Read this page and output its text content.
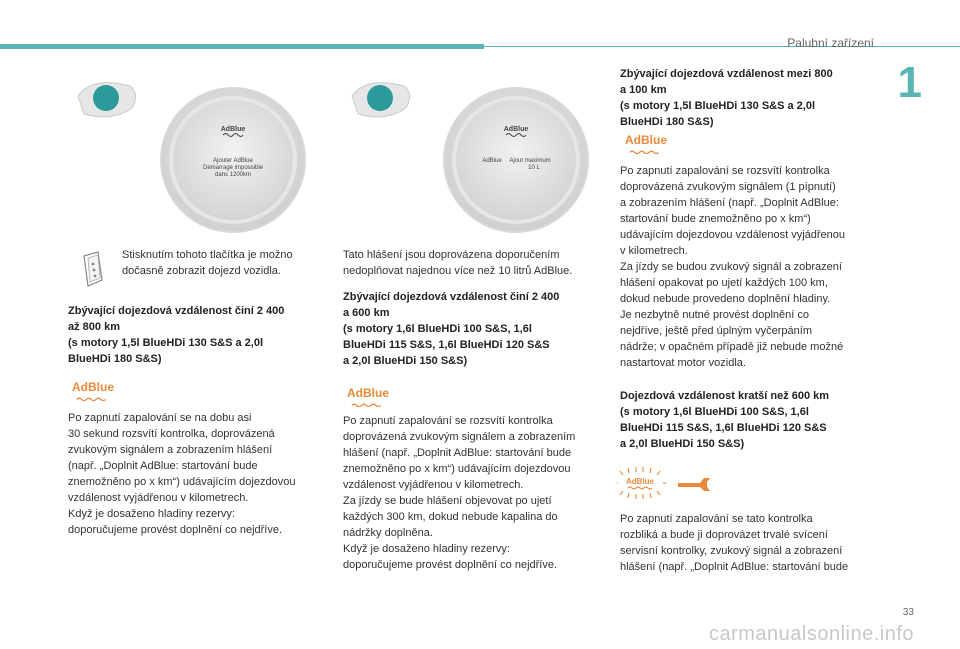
Palubní zařízení
1
AdBlue
Ajouter AdBlue
Demarrage impossible
dans 1200km
AdBlue
AdBlue Ajout maximum
10 L
Stisknutím tohoto tlačítka je možno
dočasně zobrazit dojezd vozidla.
Zbývající dojezdová vzdálenost činí 2 400
až 800 km
(s motory 1,5l BlueHDi 130 S&S a 2,0l
BlueHDi 180 S&S)
AdBlue
Po zapnutí zapalování se na dobu asi
30 sekund rozsvítí kontrolka, doprovázená
zvukovým signálem a zobrazením hlášení
(např. „Doplnit AdBlue: startování bude
znemožněno po x km“) udávajícím dojezdovou
vzdálenost vyjádřenou v kilometrech.
Když je dosaženo hladiny rezervy:
doporučujeme provést doplnění co nejdříve.
Tato hlášení jsou doprovázena doporučením
nedoplňovat najednou více než 10 litrů AdBlue.
Zbývající dojezdová vzdálenost činí 2 400
a 600 km
(s motory 1,6l BlueHDi 100 S&S, 1,6l
BlueHDi 115 S&S, 1,6l BlueHDi 120 S&S
a 2,0l BlueHDi 150 S&S)
AdBlue
Po zapnutí zapalování se rozsvítí kontrolka
doprovázená zvukovým signálem a zobrazením
hlášení (např. „Doplnit AdBlue: startování bude
znemožněno po x km“) udávajícím dojezdovou
vzdálenost vyjádřenou v kilometrech.
Za jízdy se bude hlášení objevovat po ujetí
každých 300 km, dokud nebude kapalina do
nádržky doplněna.
Když je dosaženo hladiny rezervy:
doporučujeme provést doplnění co nejdříve.
Zbývající dojezdová vzdálenost mezi 800
a 100 km
(s motory 1,5l BlueHDi 130 S&S a 2,0l
BlueHDi 180 S&S)
AdBlue
Po zapnutí zapalování se rozsvítí kontrolka
doprovázená zvukovým signálem (1 pípnutí)
a zobrazením hlášení (např. „Doplnit AdBlue:
startování bude znemožněno po x km“)
udávajícím dojezdovou vzdálenost vyjádřenou
v kilometrech.
Za jízdy se budou zvukový signál a zobrazení
hlášení opakovat po ujetí každých 100 km,
dokud nebude provedeno doplnění hladiny.
Je nezbytně nutné provést doplnění co
nejdříve, ještě před úplným vyčerpáním
nádrže; v opačném případě již nebude možné
nastartovat motor vozidla.
Dojezdová vzdálenost kratší než 600 km
(s motory 1,6l BlueHDi 100 S&S, 1,6l
BlueHDi 115 S&S, 1,6l BlueHDi 120 S&S
a 2,0l BlueHDi 150 S&S)
AdBlue
Po zapnutí zapalování se tato kontrolka
rozbliká a bude ji doprovázet trvalé svícení
servisní kontrolky, zvukový signál a zobrazení
hlášení (např. „Doplnit AdBlue: startování bude
33
carmanualsonline.info
